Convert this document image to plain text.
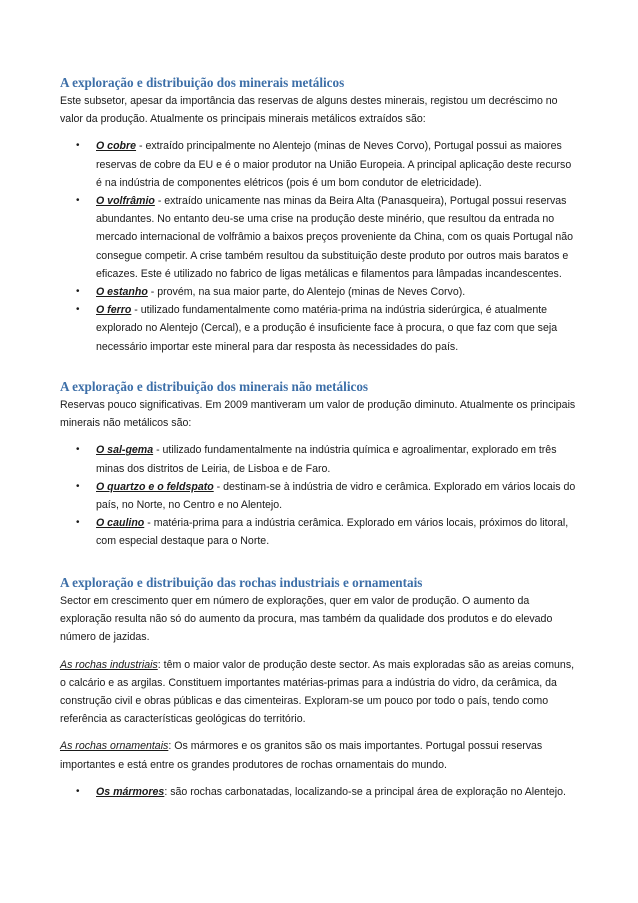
A exploração e distribuição dos minerais metálicos

Este subsetor, apesar da importância das reservas de alguns destes minerais, registou um decréscimo no valor da produção. Atualmente os principais minerais metálicos extraídos são:

• O cobre - extraído principalmente no Alentejo (minas de Neves Corvo), Portugal possui as maiores reservas de cobre da EU e é o maior produtor na União Europeia. A principal aplicação deste recurso é na indústria de componentes elétricos (pois é um bom condutor de eletricidade).
• O volfrâmio - extraído unicamente nas minas da Beira Alta (Panasqueira), Portugal possui reservas abundantes. No entanto deu-se uma crise na produção deste minério, que resultou da entrada no mercado internacional de volfrâmio a baixos preços proveniente da China, com os quais Portugal não consegue competir. A crise também resultou da substituição deste produto por outros mais baratos e eficazes. Este é utilizado no fabrico de ligas metálicas e filamentos para lâmpadas incandescentes.
• O estanho - provém, na sua maior parte, do Alentejo (minas de Neves Corvo).
• O ferro - utilizado fundamentalmente como matéria-prima na indústria siderúrgica, é atualmente explorado no Alentejo (Cercal), e a produção é insuficiente face à procura, o que faz com que seja necessário importar este mineral para dar resposta às necessidades do país.
A exploração e distribuição dos minerais não metálicos

Reservas pouco significativas. Em 2009 mantiveram um valor de produção diminuto. Atualmente os principais minerais não metálicos são:

• O sal-gema - utilizado fundamentalmente na indústria química e agroalimentar, explorado em três minas dos distritos de Leiria, de Lisboa e de Faro.
• O quartzo e o feldspato - destinam-se à indústria de vidro e cerâmica. Explorado em vários locais do país, no Norte, no Centro e no Alentejo.
• O caulino - matéria-prima para a indústria cerâmica. Explorado em vários locais, próximos do litoral, com especial destaque para o Norte.
A exploração e distribuição das rochas industriais e ornamentais

Sector em crescimento quer em número de explorações, quer em valor de produção. O aumento da exploração resulta não só do aumento da procura, mas também da qualidade dos produtos e do elevado número de jazidas.

As rochas industriais: têm o maior valor de produção deste sector. As mais exploradas são as areias comuns, o calcário e as argilas. Constituem importantes matérias-primas para a indústria do vidro, da cerâmica, da construção civil e obras públicas e das cimenteiras. Exploram-se um pouco por todo o país, tendo como referência as características geológicas do território.

As rochas ornamentais: Os mármores e os granitos são os mais importantes. Portugal possui reservas importantes e está entre os grandes produtores de rochas ornamentais do mundo.

• Os mármores: são rochas carbonatadas, localizando-se a principal área de exploração no Alentejo.
